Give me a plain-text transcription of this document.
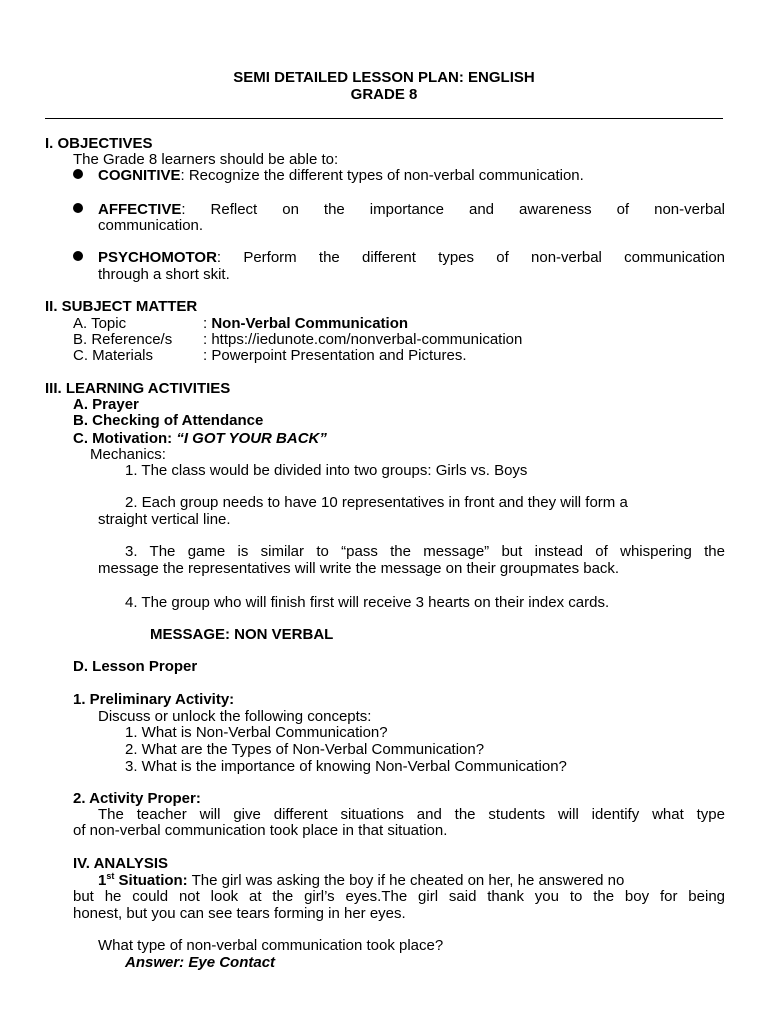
SEMI DETAILED LESSON PLAN: ENGLISH
GRADE 8
I. OBJECTIVES
The Grade 8 learners should be able to:
COGNITIVE: Recognize the different types of non-verbal communication.
AFFECTIVE: Reflect on the importance and awareness of non-verbal
communication.
PSYCHOMOTOR: Perform the different types of non-verbal communication
through a short skit.
II. SUBJECT MATTER
A. Topic	: Non-Verbal Communication
B. Reference/s : https://iedunote.com/nonverbal-communication
C. Materials	: Powerpoint Presentation and Pictures.
III. LEARNING ACTIVITIES
A. Prayer
B. Checking of Attendance
C. Motivation: “I GOT YOUR BACK”
Mechanics:
1. The class would be divided into two groups: Girls vs. Boys
2. Each group needs to have 10 representatives in front and they will form a
straight vertical line.
3. The game is similar to “pass the message” but instead of whispering the
message the representatives will write the message on their groupmates back.
4. The group who will finish first will receive 3 hearts on their index cards.
MESSAGE: NON VERBAL
D. Lesson Proper
1. Preliminary Activity:
Discuss or unlock the following concepts:
1. What is Non-Verbal Communication?
2. What are the Types of Non-Verbal Communication?
3. What is the importance of knowing Non-Verbal Communication?
2. Activity Proper:
The teacher will give different situations and the students will identify what type
of non-verbal communication took place in that situation.
IV. ANALYSIS
1st Situation: The girl was asking the boy if he cheated on her, he answered no
but he could not look at the girl’s eyes.The girl said thank you to the boy for being
honest, but you can see tears forming in her eyes.
What type of non-verbal communication took place?
Answer: Eye Contact
